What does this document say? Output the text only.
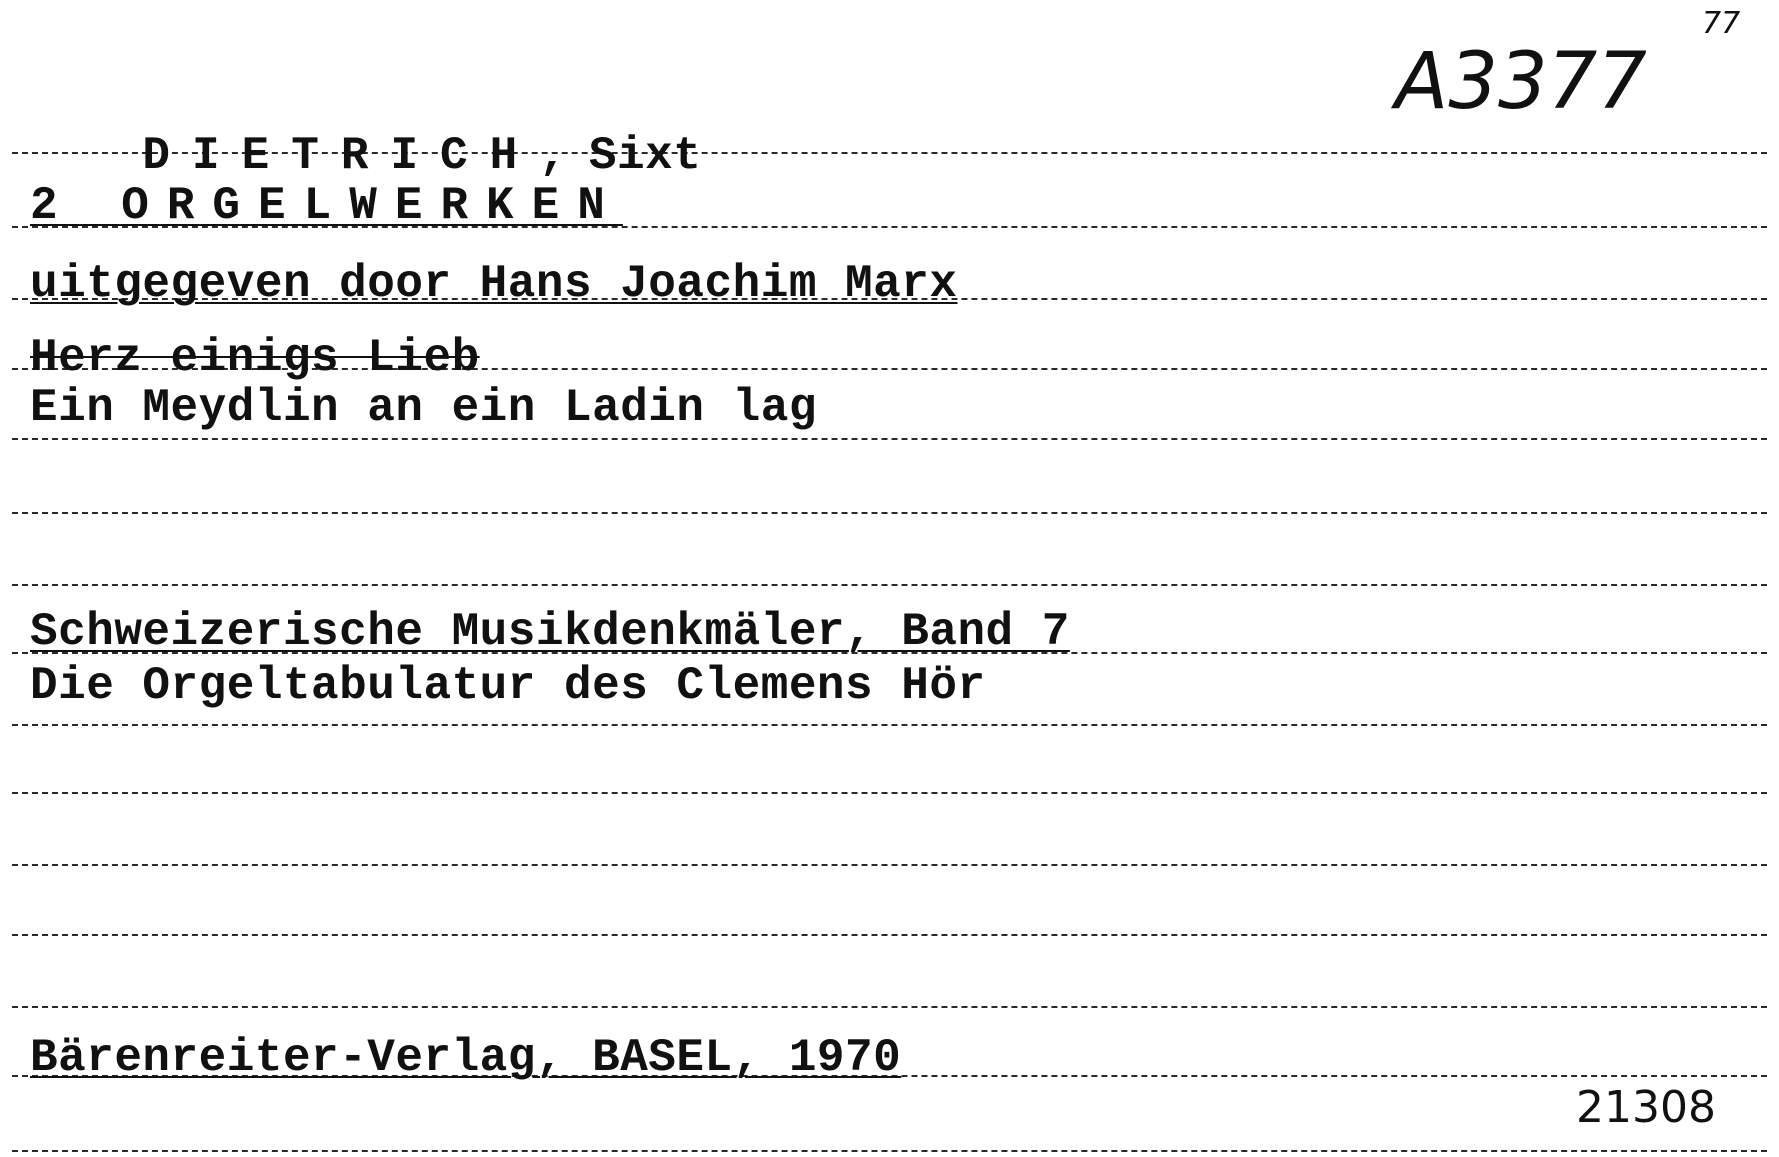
DIETRICH,Sixt

A3377
77
2 ORGELWERKEN
uitgegeven door Hans Joachim Marx
Herz einigs Lieb
Ein Meydlin an ein Ladin lag
Schweizerische Musikdenkmäler, Band 7
Die Orgeltabulatur des Clemens Hör
Bärenreiter-Verlag, BASEL, 1970
21308
